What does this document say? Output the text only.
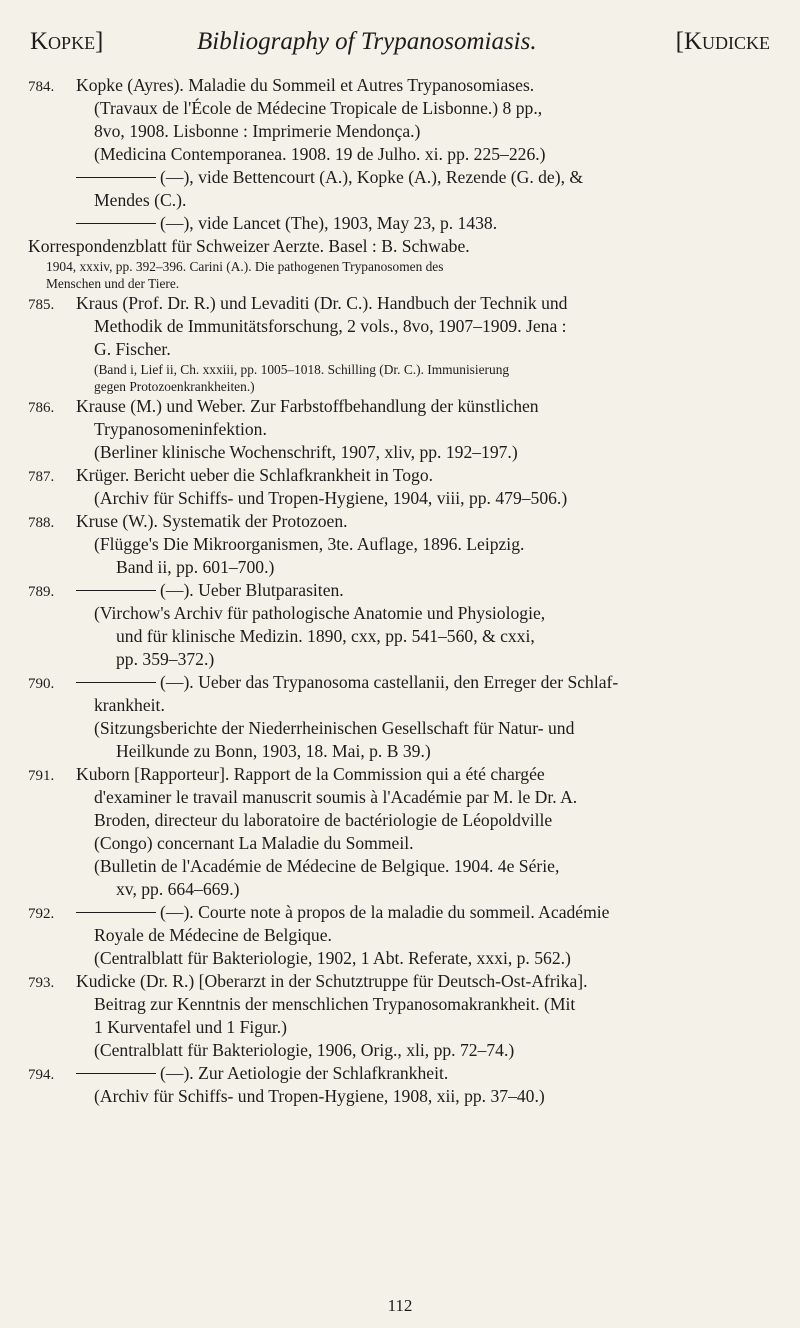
Kopke]	Bibliography of Trypanosomiasis.	[Kudicke
784. Kopke (Ayres). Maladie du Sommeil et Autres Trypanosomiases.
(Travaux de l'École de Médecine Tropicale de Lisbonne.) 8 pp.,
8vo, 1908. Lisbonne : Imprimerie Mendonça.)
(Medicina Contemporanea. 1908. 19 de Julho. xi. pp. 225–226.)
(—), vide Bettencourt (A.), Kopke (A.), Rezende (G. de), &
Mendes (C.).
(—), vide Lancet (The), 1903, May 23, p. 1438.
Korrespondenzblatt für Schweizer Aerzte. Basel : B. Schwabe.
1904, xxxiv, pp. 392–396. Carini (A.). Die pathogenen Trypanosomen des
Menschen und der Tiere.
785. Kraus (Prof. Dr. R.) und Levaditi (Dr. C.). Handbuch der Technik und
Methodik de Immunitätsforschung, 2 vols., 8vo, 1907–1909. Jena :
G. Fischer.
(Band i, Lief ii, Ch. xxxiii, pp. 1005–1018. Schilling (Dr. C.). Immunisierung
gegen Protozoenkrankheiten.)
786. Krause (M.) und Weber. Zur Farbstoffbehandlung der künstlichen
Trypanosomeninfektion.
(Berliner klinische Wochenschrift, 1907, xliv, pp. 192–197.)
787. Krüger. Bericht ueber die Schlafkrankheit in Togo.
(Archiv für Schiffs- und Tropen-Hygiene, 1904, viii, pp. 479–506.)
788. Kruse (W.). Systematik der Protozoen.
(Flügge's Die Mikroorganismen, 3te. Auflage, 1896. Leipzig.
Band ii, pp. 601–700.)
789.	(—). Ueber Blutparasiten.
(Virchow's Archiv für pathologische Anatomie und Physiologie,
und für klinische Medizin. 1890, cxx, pp. 541–560, & cxxi,
pp. 359–372.)
790.	(—). Ueber das Trypanosoma castellanii, den Erreger der Schlaf-
krankheit.
(Sitzungsberichte der Niederrheinischen Gesellschaft für Natur- und
Heilkunde zu Bonn, 1903, 18. Mai, p. B 39.)
791. Kuborn [Rapporteur]. Rapport de la Commission qui a été chargée
d'examiner le travail manuscrit soumis à l'Académie par M. le Dr. A.
Broden, directeur du laboratoire de bactériologie de Léopoldville
(Congo) concernant La Maladie du Sommeil.
(Bulletin de l'Académie de Médecine de Belgique. 1904. 4e Série,
xv, pp. 664–669.)
792.	(—). Courte note à propos de la maladie du sommeil. Académie
Royale de Médecine de Belgique.
(Centralblatt für Bakteriologie, 1902, 1 Abt. Referate, xxxi, p. 562.)
793. Kudicke (Dr. R.) [Oberarzt in der Schutztruppe für Deutsch-Ost-Afrika].
Beitrag zur Kenntnis der menschlichen Trypanosomakrankheit. (Mit
1 Kurventafel und 1 Figur.)
(Centralblatt für Bakteriologie, 1906, Orig., xli, pp. 72–74.)
794.	(—). Zur Aetiologie der Schlafkrankheit.
(Archiv für Schiffs- und Tropen-Hygiene, 1908, xii, pp. 37–40.)
112
